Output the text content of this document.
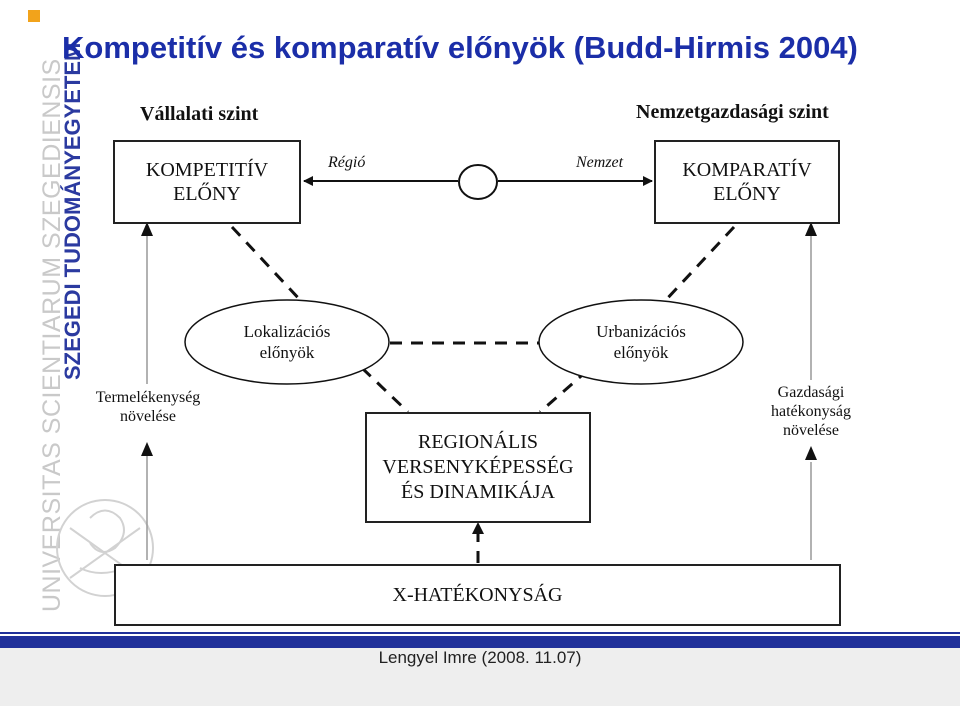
UNIVERSITAS SCIENTIARUM SZEGEDIENSIS
SZEGEDI TUDOMÁNYEGYETEM
Kompetitív és komparatív előnyök (Budd-Hirmis 2004)
Vállalati szint	Nemzetgazdasági szint
KOMPETITÍV
ELŐNY
KOMPARATÍV
ELŐNY
Régió	Nemzet
Lokalizációs
előnyök
Urbanizációs
előnyök
Termelékenység
növelése
Gazdasági
hatékonyság
növelése
REGIONÁLIS
VERSENYKÉPESSÉG
ÉS DINAMIKÁJA
X-HATÉKONYSÁG
Lengyel Imre (2008. 11.07)
